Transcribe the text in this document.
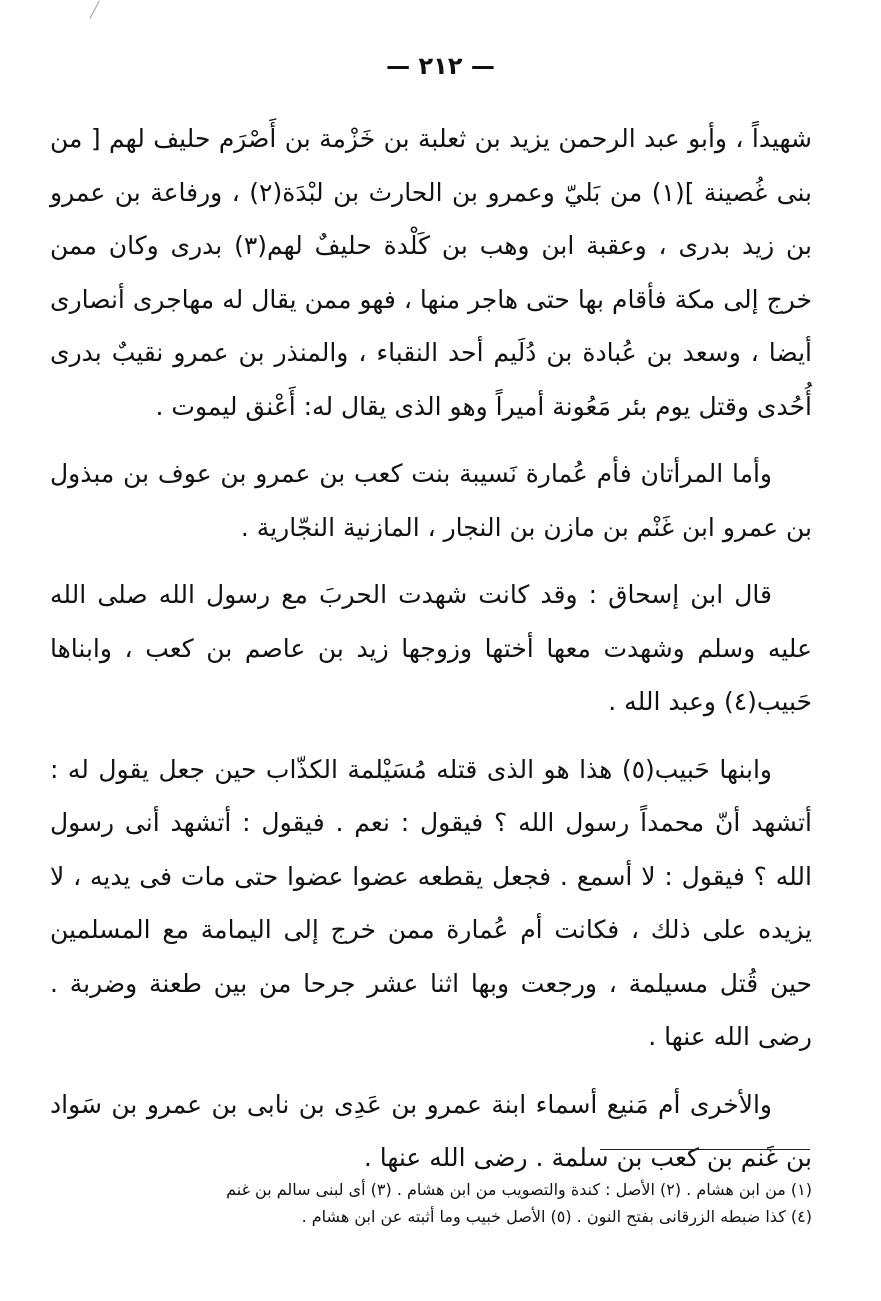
— ٢١٢ —

شهيداً ، وأبو عبد الرحمن يزيد بن ثعلبة بن خَزْمة بن أَصْرَم حليف لهم [ من بنى غُصينة ](١) من بَليّ وعمرو بن الحارث بن لبْدَة(٢) ، ورفاعة بن عمرو بن زيد بدرى ، وعقبة ابن وهب بن كَلْدة حليفٌ لهم(٣) بدرى وكان ممن خرج إلى مكة فأقام بها حتى هاجر منها ، فهو ممن يقال له مهاجرى أنصارى أيضا ، وسعد بن عُبادة بن دُلَيم أحد النقباء ، والمنذر بن عمرو نقيبٌ بدرى أُحُدى وقتل يوم بئر مَعُونة أميراً وهو الذى يقال له: أَعْنق ليموت .

وأما المرأتان فأم عُمارة نَسيبة بنت كعب بن عمرو بن عوف بن مبذول بن عمرو ابن غَنْم بن مازن بن النجار ، المازنية النجّارية .

قال ابن إسحاق : وقد كانت شهدت الحربَ مع رسول الله صلى الله عليه وسلم وشهدت معها أختها وزوجها زيد بن عاصم بن كعب ، وابناها حَبيب(٤) وعبد الله .

وابنها حَبيب(٥) هذا هو الذى قتله مُسَيْلمة الكذّاب حين جعل يقول له : أتشهد أنّ محمداً رسول الله ؟ فيقول : نعم . فيقول : أتشهد أنى رسول الله ؟ فيقول : لا أسمع . فجعل يقطعه عضوا عضوا حتى مات فى يديه ، لا يزيده على ذلك ، فكانت أم عُمارة ممن خرج إلى اليمامة مع المسلمين حين قُتل مسيلمة ، ورجعت وبها اثنا عشر جرحا من بين طعنة وضربة . رضى الله عنها .

والأخرى أم مَنيع أسماء ابنة عمرو بن عَدِى بن نابى بن عمرو بن سَواد بن غَنم بن كعب بن سلمة . رضى الله عنها .

(١) من ابن هشام . (٢) الأصل : كندة والتصويب من ابن هشام . (٣) أى لبنى سالم بن غنم
(٤) كذا ضبطه الزرقانى بفتح النون . (٥) الأصل خبيب وما أثبته عن ابن هشام .
